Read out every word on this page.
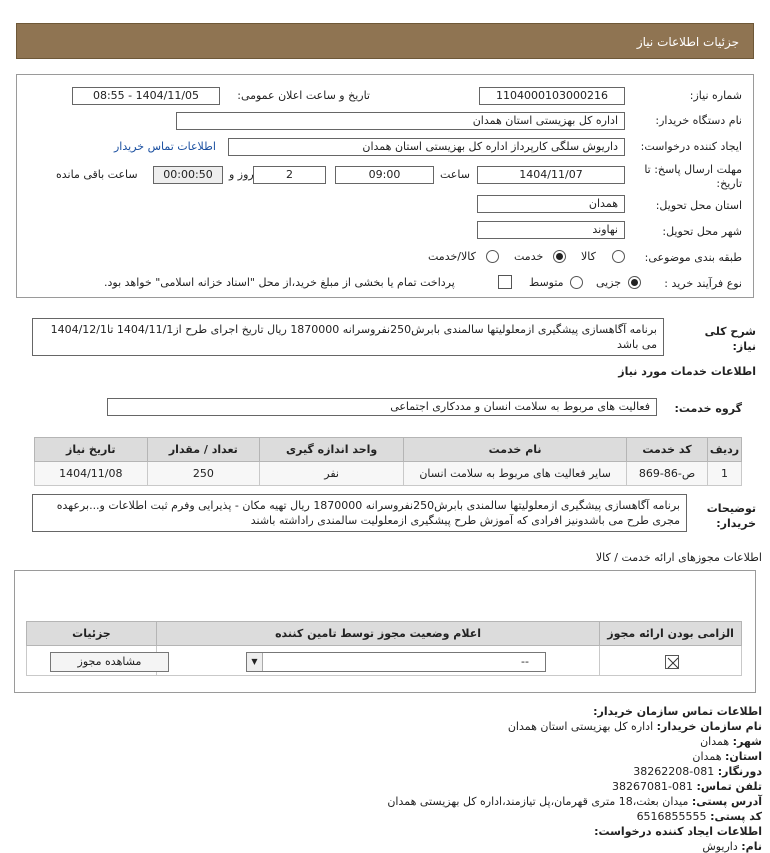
جزئیات اطلاعات نیاز
شماره نیاز:
1104000103000216
تاریخ و ساعت اعلان عمومی:
1404/11/05 - 08:55
نام دستگاه خریدار:
اداره کل بهزیستی استان همدان
ایجاد کننده درخواست:
داریوش سلگی کارپرداز اداره کل بهزیستی استان همدان
اطلاعات تماس خریدار
مهلت ارسال پاسخ: تا
تاریخ:
1404/11/07
ساعت
09:00
2
روز و
00:00:50
ساعت باقی مانده
استان محل تحویل:
همدان
شهر محل تحویل:
نهاوند
طبقه بندی موضوعی:
کالا
خدمت
کالا/خدمت
نوع فرآیند خرید :
جزیی
متوسط
پرداخت تمام یا بخشی از مبلغ خرید،از محل "اسناد خزانه اسلامی" خواهد بود.
شرح کلی نیاز:
برنامه آگاهسازی پیشگیری ازمعلولیتها سالمندی بابرش250نفروسرانه 1870000 ریال تاریخ اجرای طرح از1404/11/1 تا1404/12/1 می باشد
اطلاعات خدمات مورد نیاز
گروه خدمت:
فعالیت های مربوط به سلامت انسان و مددکاری اجتماعی
ردیف	کد خدمت	نام خدمت	واحد اندازه گیری	تعداد / مقدار	تاریخ نیاز
1	ص-86-869	سایر فعالیت های مربوط به سلامت انسان	نفر	250	1404/11/08
توضیحات خریدار:
برنامه آگاهسازی پیشگیری ازمعلولیتها سالمندی بابرش250نفروسرانه 1870000 ریال تهیه مکان - پذیرایی وفرم ثبت اطلاعات و...برعهده مجری طرح می باشدونیز افرادی که آموزش طرح پیشگیری ازمعلولیت سالمندی راداشته باشند
اطلاعات مجوزهای ارائه خدمت / کالا
الزامی بودن ارائه مجوز	اعلام وضعیت مجوز توسط تامین کننده	جزئیات

▼	--
مشاهده مجوز
اطلاعات تماس سازمان خریدار:
نام سازمان خریدار: اداره کل بهزیستی استان همدان
شهر: همدان
استان: همدان
دورنگار: 081-38262208
تلفن تماس: 081-38267081
آدرس پستی: میدان بعثت،18 متری قهرمان،پل تیازمند،اداره کل بهزیستی همدان
کد پستی: 6516855555
اطلاعات ایجاد کننده درخواست:
نام: داریوش
